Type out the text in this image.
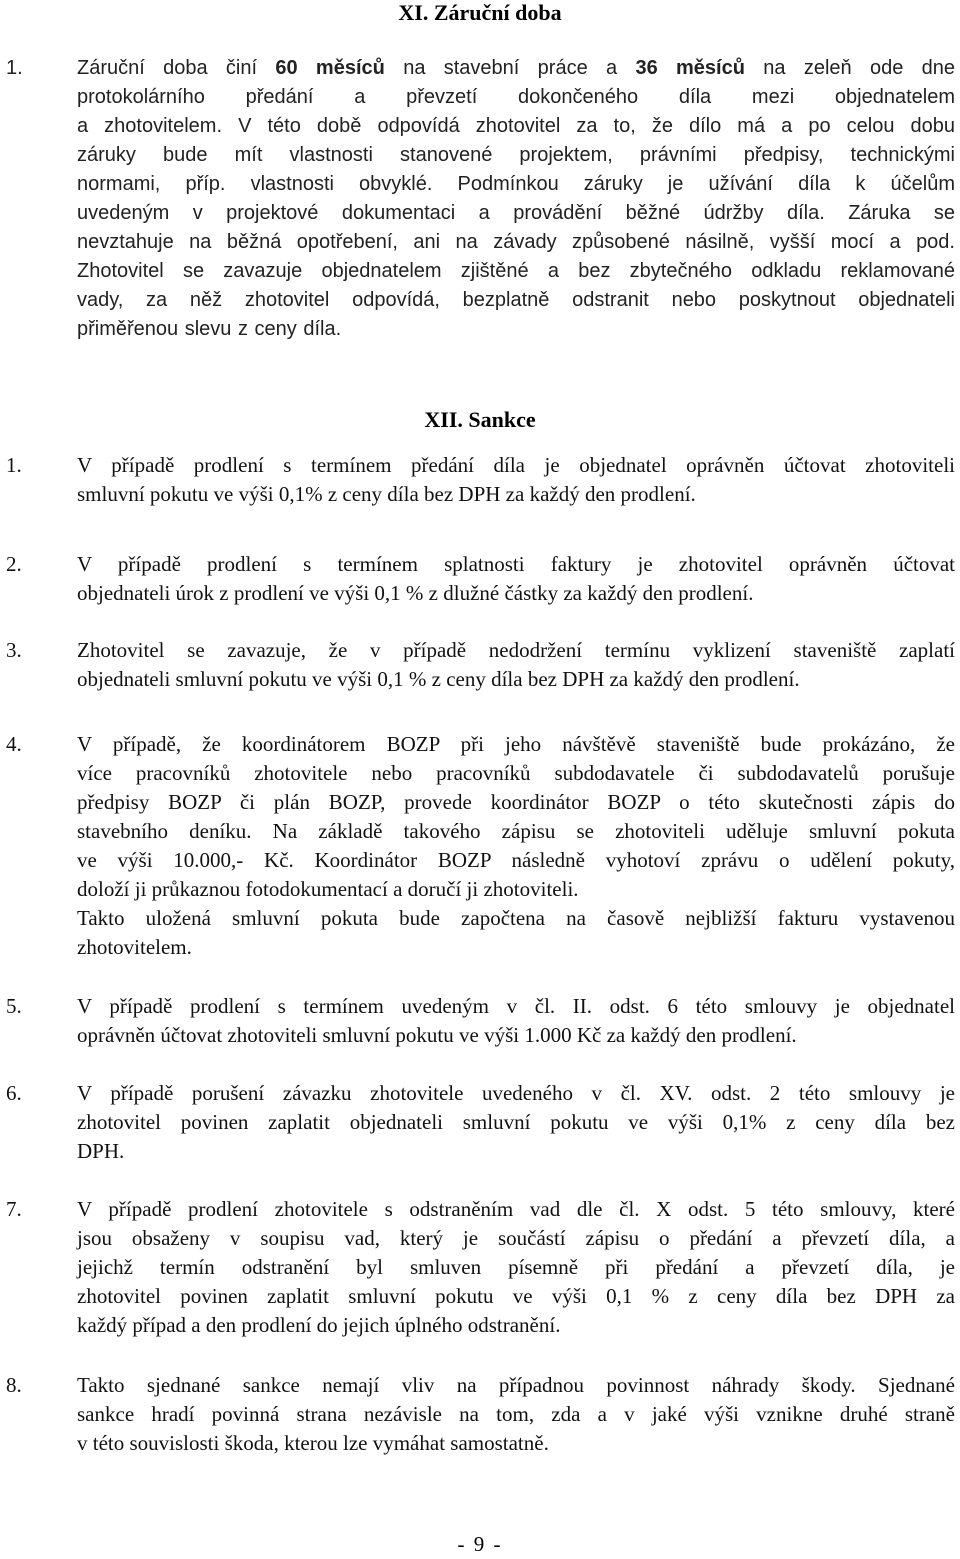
XI. Záruční doba
1.	Záruční doba činí 60 měsíců na stavební práce a 36 měsíců na zeleň ode dne
protokolárního předání a převzetí dokončeného díla mezi objednatelem
a zhotovitelem. V této době odpovídá zhotovitel za to, že dílo má a po celou dobu
záruky bude mít vlastnosti stanovené projektem, právními předpisy, technickými
normami, příp. vlastnosti obvyklé. Podmínkou záruky je užívání díla k účelům
uvedeným v projektové dokumentaci a provádění běžné údržby díla. Záruka se
nevztahuje na běžná opotřebení, ani na závady způsobené násilně, vyšší mocí a pod.
Zhotovitel se zavazuje objednatelem zjištěné a bez zbytečného odkladu reklamované
vady, za něž zhotovitel odpovídá, bezplatně odstranit nebo poskytnout objednateli
přiměřenou slevu z ceny díla.
XII. Sankce
1.	V případě prodlení s termínem předání díla je objednatel oprávněn účtovat zhotoviteli
smluvní pokutu ve výši 0,1% z ceny díla bez DPH za každý den prodlení.
2.	V případě prodlení s termínem splatnosti faktury je zhotovitel oprávněn účtovat
objednateli úrok z prodlení ve výši 0,1 % z dlužné částky za každý den prodlení.
3.	Zhotovitel se zavazuje, že v případě nedodržení termínu vyklizení staveniště zaplatí
objednateli smluvní pokutu ve výši 0,1 % z ceny díla bez DPH za každý den prodlení.
4.	V případě, že koordinátorem BOZP při jeho návštěvě staveniště bude prokázáno, že
více pracovníků zhotovitele nebo pracovníků subdodavatele či subdodavatelů porušuje
předpisy BOZP či plán BOZP, provede koordinátor BOZP o této skutečnosti zápis do
stavebního deníku. Na základě takového zápisu se zhotoviteli uděluje smluvní pokuta
ve výši 10.000,- Kč. Koordinátor BOZP následně vyhotoví zprávu o udělení pokuty,
doloží ji průkaznou fotodokumentací a doručí ji zhotoviteli.
Takto uložená smluvní pokuta bude započtena na časově nejbližší fakturu vystavenou
zhotovitelem.
5.	V případě prodlení s termínem uvedeným v čl. II. odst. 6 této smlouvy je objednatel
oprávněn účtovat zhotoviteli smluvní pokutu ve výši 1.000 Kč za každý den prodlení.
6.	V případě porušení závazku zhotovitele uvedeného v čl. XV. odst. 2 této smlouvy je
zhotovitel povinen zaplatit objednateli smluvní pokutu ve výši 0,1% z ceny díla bez
DPH.
7.	V případě prodlení zhotovitele s odstraněním vad dle čl. X odst. 5 této smlouvy, které
jsou obsaženy v soupisu vad, který je součástí zápisu o předání a převzetí díla, a
jejichž termín odstranění byl smluven písemně při předání a převzetí díla, je
zhotovitel povinen zaplatit smluvní pokutu ve výši 0,1 % z ceny díla bez DPH za
každý případ a den prodlení do jejich úplného odstranění.
8.	Takto sjednané sankce nemají vliv na případnou povinnost náhrady škody. Sjednané
sankce hradí povinná strana nezávisle na tom, zda a v jaké výši vznikne druhé straně
v této souvislosti škoda, kterou lze vymáhat samostatně.
- 9 -
